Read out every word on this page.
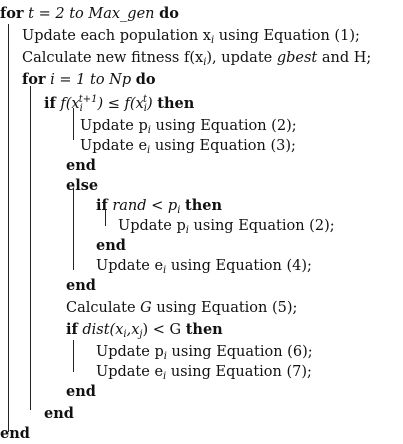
for t = 2 to Max_gen do
Update each population $x_i$ using Equation (1);
Calculate new fitness $f(x_i)$, update gbest and H;
for i = 1 to Np do
if $f(x_i^{t+1}) \le f(x_i^t)$ then
Update $p_i$ using Equation (2);
Update $e_i$ using Equation (3);
end
else
if rand < $p_i$ then
Update $p_i$ using Equation (2);
end
Update $e_i$ using Equation (4);
end
Calculate G using Equation (5);
if $dist(x_i,x_j) < G$ then
Update $p_i$ using Equation (6);
Update $e_i$ using Equation (7);
end
end
end
